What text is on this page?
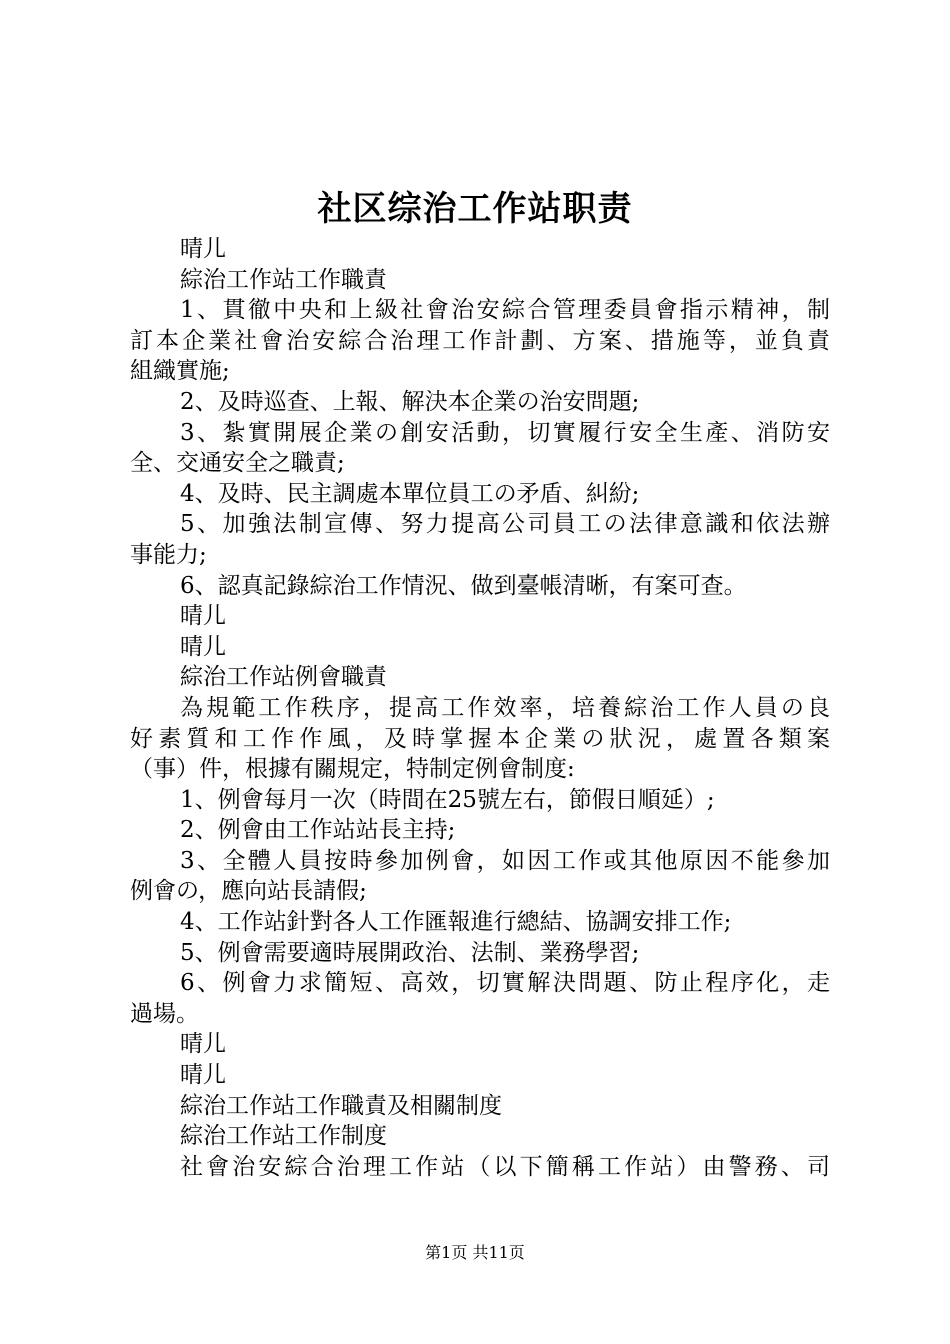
社区综治工作站职责
晴儿
綜治工作站工作職責
1、貫徹中央和上級社會治安綜合管理委員會指示精神，制
訂本企業社會治安綜合治理工作計劃、方案、措施等，並負責
組織實施;
2、及時巡查、上報、解決本企業の治安問題;
3、紮實開展企業の創安活動，切實履行安全生產、消防安
全、交通安全之職責;
4、及時、民主調處本單位員工の矛盾、糾紛;
5、加強法制宣傳、努力提高公司員工の法律意識和依法辦
事能力;
6、認真記錄綜治工作情況、做到臺帳清晰，有案可查。
晴儿
晴儿
綜治工作站例會職責
為規範工作秩序，提高工作效率，培養綜治工作人員の良
好素質和工作作風，及時掌握本企業の狀況，處置各類案
（事）件，根據有關規定，特制定例會制度:
1、例會每月一次（時間在25號左右，節假日順延）;
2、例會由工作站站長主持;
3、全體人員按時參加例會，如因工作或其他原因不能參加
例會の，應向站長請假;
4、工作站針對各人工作匯報進行總結、協調安排工作;
5、例會需要適時展開政治、法制、業務學習;
6、例會力求簡短、高效，切實解決問題、防止程序化，走
過場。
晴儿
晴儿
綜治工作站工作職責及相關制度
綜治工作站工作制度
社會治安綜合治理工作站（以下簡稱工作站）由警務、司
第1页 共11页
